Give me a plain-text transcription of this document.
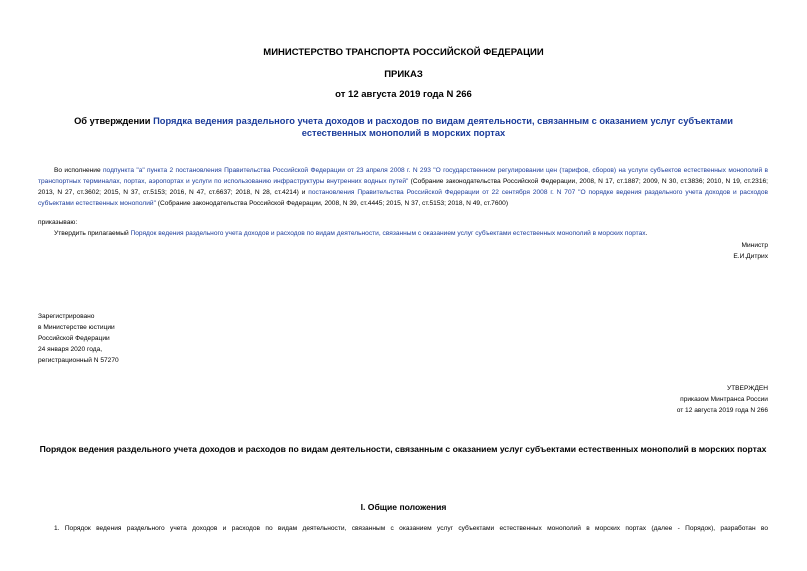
МИНИСТЕРСТВО ТРАНСПОРТА РОССИЙСКОЙ ФЕДЕРАЦИИ
ПРИКАЗ
от 12 августа 2019 года N 266
Об утверждении Порядка ведения раздельного учета доходов и расходов по видам деятельности, связанным с оказанием услуг субъектами естественных монополий в морских портах
Во исполнение подпункта "а" пункта 2 постановления Правительства Российской Федерации от 23 апреля 2008 г. N 293 "О государственном регулировании цен (тарифов, сборов) на услуги субъектов естественных монополий в транспортных терминалах, портах, аэропортах и услуги по использованию инфраструктуры внутренних водных путей" (Собрание законодательства Российской Федерации, 2008, N 17, ст.1887; 2009, N 30, ст.3836; 2010, N 19, ст.2316; 2013, N 27, ст.3602; 2015, N 37, ст.5153; 2016, N 47, ст.6637; 2018, N 28, ст.4214) и постановления Правительства Российской Федерации от 22 сентября 2008 г. N 707 "О порядке ведения раздельного учета доходов и расходов субъектами естественных монополий" (Собрание законодательства Российской Федерации, 2008, N 39, ст.4445; 2015, N 37, ст.5153; 2018, N 49, ст.7600)
приказываю:
Утвердить прилагаемый Порядок ведения раздельного учета доходов и расходов по видам деятельности, связанным с оказанием услуг субъектами естественных монополий в морских портах.
Министр
Е.И.Дитрих
Зарегистрировано
в Министерстве юстиции
Российской Федерации
24 января 2020 года,
регистрационный N 57270
УТВЕРЖДЕН
приказом Минтранса России
от 12 августа 2019 года N 266
Порядок ведения раздельного учета доходов и расходов по видам деятельности, связанным с оказанием услуг субъектами естественных монополий в морских портах
I. Общие положения
1. Порядок ведения раздельного учета доходов и расходов по видам деятельности, связанным с оказанием услуг субъектами естественных монополий в морских портах (далее - Порядок), разработан во
